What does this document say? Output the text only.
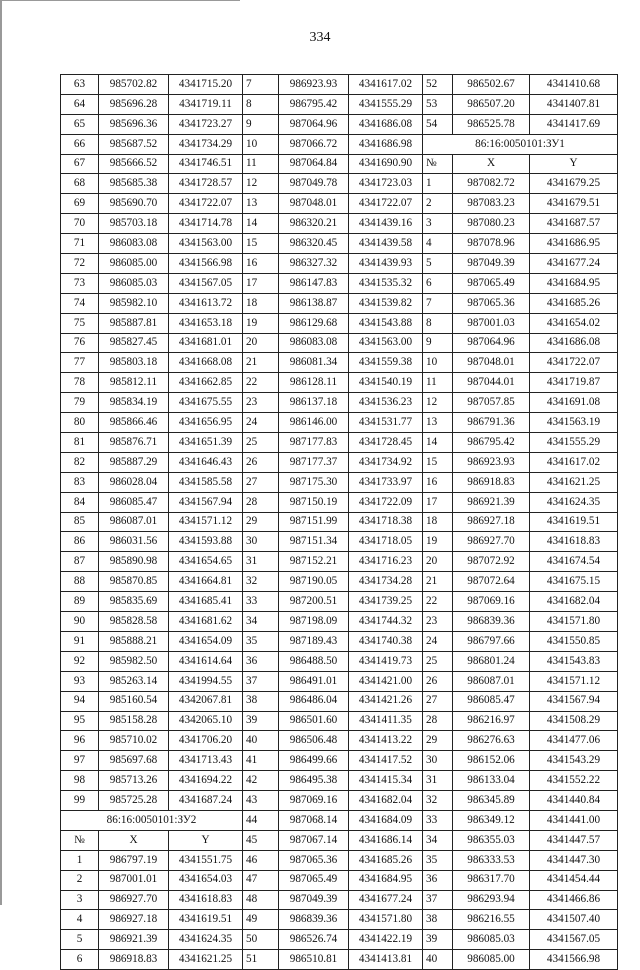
334
63	985702.82	4341715.20	7	986923.93	4341617.02	52	986502.67	4341410.68
64	985696.28	4341719.11	8	986795.42	4341555.29	53	986507.20	4341407.81
65	985696.36	4341723.27	9	987064.96	4341686.08	54	986525.78	4341417.69
66	985687.52	4341734.29	10	987066.72	4341686.98	86:16:0050101:ЗУ1		
67	985666.52	4341746.51	11	987064.84	4341690.90	№	X	Y
68	985685.38	4341728.57	12	987049.78	4341723.03	1	987082.72	4341679.25
69	985690.70	4341722.07	13	987048.01	4341722.07	2	987083.23	4341679.51
70	985703.18	4341714.78	14	986320.21	4341439.16	3	987080.23	4341687.57
71	986083.08	4341563.00	15	986320.45	4341439.58	4	987078.96	4341686.95
72	986085.00	4341566.98	16	986327.32	4341439.93	5	987049.39	4341677.24
73	986085.03	4341567.05	17	986147.83	4341535.32	6	987065.49	4341684.95
74	985982.10	4341613.72	18	986138.87	4341539.82	7	987065.36	4341685.26
75	985887.81	4341653.18	19	986129.68	4341543.88	8	987001.03	4341654.02
76	985827.45	4341681.01	20	986083.08	4341563.00	9	987064.96	4341686.08
77	985803.18	4341668.08	21	986081.34	4341559.38	10	987048.01	4341722.07
78	985812.11	4341662.85	22	986128.11	4341540.19	11	987044.01	4341719.87
79	985834.19	4341675.55	23	986137.18	4341536.23	12	987057.85	4341691.08
80	985866.46	4341656.95	24	986146.00	4341531.77	13	986791.36	4341563.19
81	985876.71	4341651.39	25	987177.83	4341728.45	14	986795.42	4341555.29
82	985887.29	4341646.43	26	987177.37	4341734.92	15	986923.93	4341617.02
83	986028.04	4341585.58	27	987175.30	4341733.97	16	986918.83	4341621.25
84	986085.47	4341567.94	28	987150.19	4341722.09	17	986921.39	4341624.35
85	986087.01	4341571.12	29	987151.99	4341718.38	18	986927.18	4341619.51
86	986031.56	4341593.88	30	987151.34	4341718.05	19	986927.70	4341618.83
87	985890.98	4341654.65	31	987152.21	4341716.23	20	987072.92	4341674.54
88	985870.85	4341664.81	32	987190.05	4341734.28	21	987072.64	4341675.15
89	985835.69	4341685.41	33	987200.51	4341739.25	22	987069.16	4341682.04
90	985828.58	4341681.62	34	987198.09	4341744.32	23	986839.36	4341571.80
91	985888.21	4341654.09	35	987189.43	4341740.38	24	986797.66	4341550.85
92	985982.50	4341614.64	36	986488.50	4341419.73	25	986801.24	4341543.83
93	985263.14	4341994.55	37	986491.01	4341421.00	26	986087.01	4341571.12
94	985160.54	4342067.81	38	986486.04	4341421.26	27	986085.47	4341567.94
95	985158.28	4342065.10	39	986501.60	4341411.35	28	986216.97	4341508.29
96	985710.02	4341706.20	40	986506.48	4341413.22	29	986276.63	4341477.06
97	985697.68	4341713.43	41	986499.66	4341417.52	30	986152.06	4341543.29
98	985713.26	4341694.22	42	986495.38	4341415.34	31	986133.04	4341552.22
99	985725.28	4341687.24	43	987069.16	4341682.04	32	986345.89	4341440.84
86:16:0050101:ЗУ2			44	987068.14	4341684.09	33	986349.12	4341441.00
№	X	Y	45	987067.14	4341686.14	34	986355.03	4341447.57
1	986797.19	4341551.75	46	987065.36	4341685.26	35	986333.53	4341447.30
2	987001.01	4341654.03	47	987065.49	4341684.95	36	986317.70	4341454.44
3	986927.70	4341618.83	48	987049.39	4341677.24	37	986293.94	4341466.86
4	986927.18	4341619.51	49	986839.36	4341571.80	38	986216.55	4341507.40
5	986921.39	4341624.35	50	986526.74	4341422.19	39	986085.03	4341567.05
6	986918.83	4341621.25	51	986510.81	4341413.81	40	986085.00	4341566.98
